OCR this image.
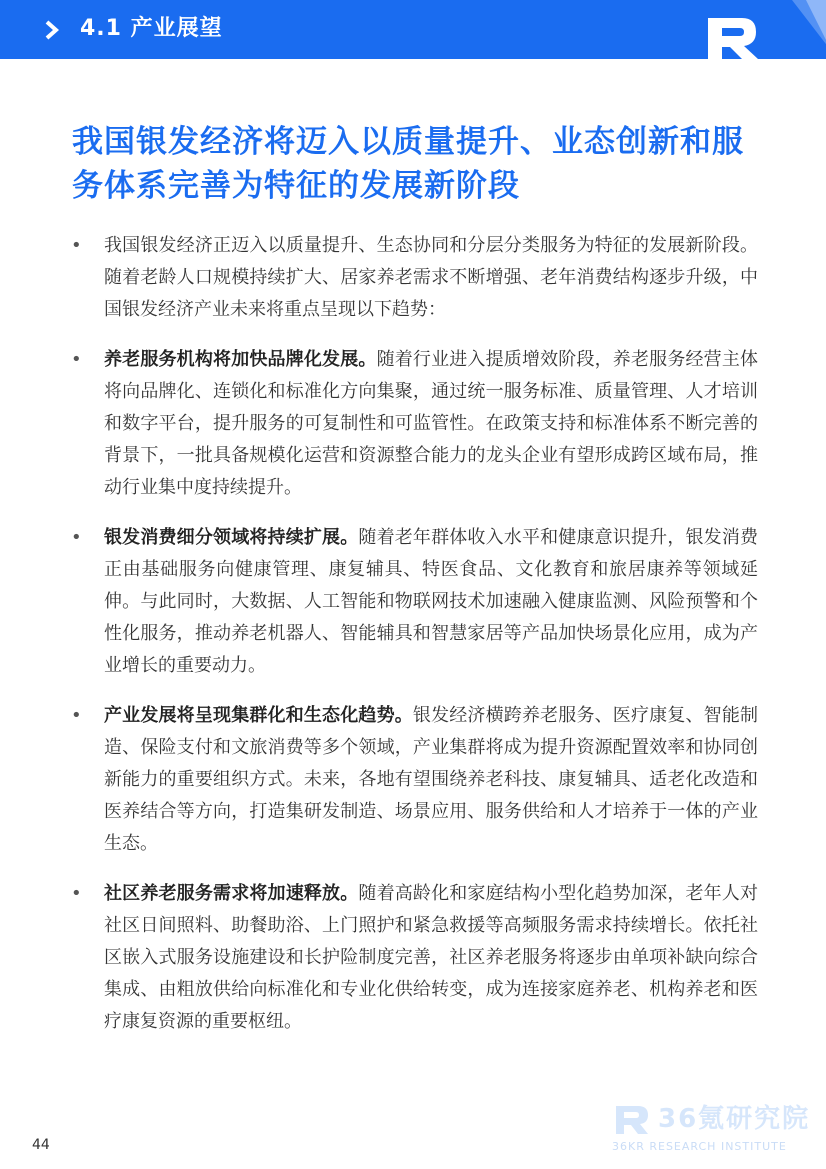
4.1 产业展望
我国银发经济将迈入以质量提升、业态创新和服务体系完善为特征的发展新阶段
• 我国银发经济正迈入以质量提升、生态协同和分层分类服务为特征的发展新阶段。随着老龄人口规模持续扩大、居家养老需求不断增强、老年消费结构逐步升级，中国银发经济产业未来将重点呈现以下趋势：
• 养老服务机构将加快品牌化发展。随着行业进入提质增效阶段，养老服务经营主体将向品牌化、连锁化和标准化方向集聚，通过统一服务标准、质量管理、人才培训和数字平台，提升服务的可复制性和可监管性。在政策支持和标准体系不断完善的背景下，一批具备规模化运营和资源整合能力的龙头企业有望形成跨区域布局，推动行业集中度持续提升。
• 银发消费细分领域将持续扩展。随着老年群体收入水平和健康意识提升，银发消费正由基础服务向健康管理、康复辅具、特医食品、文化教育和旅居康养等领域延伸。与此同时，大数据、人工智能和物联网技术加速融入健康监测、风险预警和个性化服务，推动养老机器人、智能辅具和智慧家居等产品加快场景化应用，成为产业增长的重要动力。
• 产业发展将呈现集群化和生态化趋势。银发经济横跨养老服务、医疗康复、智能制造、保险支付和文旅消费等多个领域，产业集群将成为提升资源配置效率和协同创新能力的重要组织方式。未来，各地有望围绕养老科技、康复辅具、适老化改造和医养结合等方向，打造集研发制造、场景应用、服务供给和人才培养于一体的产业生态。
• 社区养老服务需求将加速释放。随着高龄化和家庭结构小型化趋势加深，老年人对社区日间照料、助餐助浴、上门照护和紧急救援等高频服务需求持续增长。依托社区嵌入式服务设施建设和长护险制度完善，社区养老服务将逐步由单项补缺向综合集成、由粗放供给向标准化和专业化供给转变，成为连接家庭养老、机构养老和医疗康复资源的重要枢纽。
44
36氪研究院
36KR RESEARCH INSTITUTE
